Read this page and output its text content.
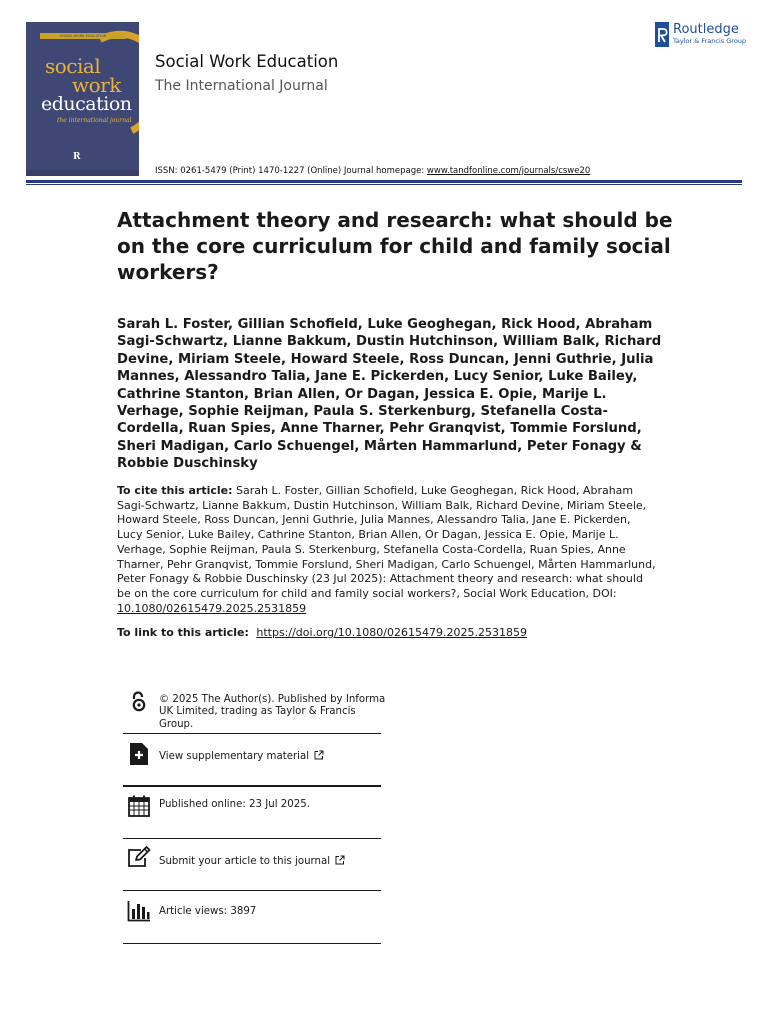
SOCIAL WORK EDUCATION
social
work
education
the international journal
R
Social Work Education
The International Journal
Routledge
Taylor & Francis Group
ISSN: 0261-5479 (Print) 1470-1227 (Online) Journal homepage: www.tandfonline.com/journals/cswe20
Attachment theory and research: what should be on the core curriculum for child and family social workers?
Sarah L. Foster, Gillian Schofield, Luke Geoghegan, Rick Hood, Abraham Sagi-Schwartz, Lianne Bakkum, Dustin Hutchinson, William Balk, Richard Devine, Miriam Steele, Howard Steele, Ross Duncan, Jenni Guthrie, Julia Mannes, Alessandro Talia, Jane E. Pickerden, Lucy Senior, Luke Bailey, Cathrine Stanton, Brian Allen, Or Dagan, Jessica E. Opie, Marije L. Verhage, Sophie Reijman, Paula S. Sterkenburg, Stefanella Costa-Cordella, Ruan Spies, Anne Tharner, Pehr Granqvist, Tommie Forslund, Sheri Madigan, Carlo Schuengel, Mårten Hammarlund, Peter Fonagy & Robbie Duschinsky
To cite this article: Sarah L. Foster, Gillian Schofield, Luke Geoghegan, Rick Hood, Abraham Sagi-Schwartz, Lianne Bakkum, Dustin Hutchinson, William Balk, Richard Devine, Miriam Steele, Howard Steele, Ross Duncan, Jenni Guthrie, Julia Mannes, Alessandro Talia, Jane E. Pickerden, Lucy Senior, Luke Bailey, Cathrine Stanton, Brian Allen, Or Dagan, Jessica E. Opie, Marije L. Verhage, Sophie Reijman, Paula S. Sterkenburg, Stefanella Costa-Cordella, Ruan Spies, Anne Tharner, Pehr Granqvist, Tommie Forslund, Sheri Madigan, Carlo Schuengel, Mårten Hammarlund, Peter Fonagy & Robbie Duschinsky (23 Jul 2025): Attachment theory and research: what should be on the core curriculum for child and family social workers?, Social Work Education, DOI: 10.1080/02615479.2025.2531859
To link to this article: https://doi.org/10.1080/02615479.2025.2531859
© 2025 The Author(s). Published by Informa UK Limited, trading as Taylor & Francis Group.
View supplementary material
Published online: 23 Jul 2025.
Submit your article to this journal
Article views: 3897
